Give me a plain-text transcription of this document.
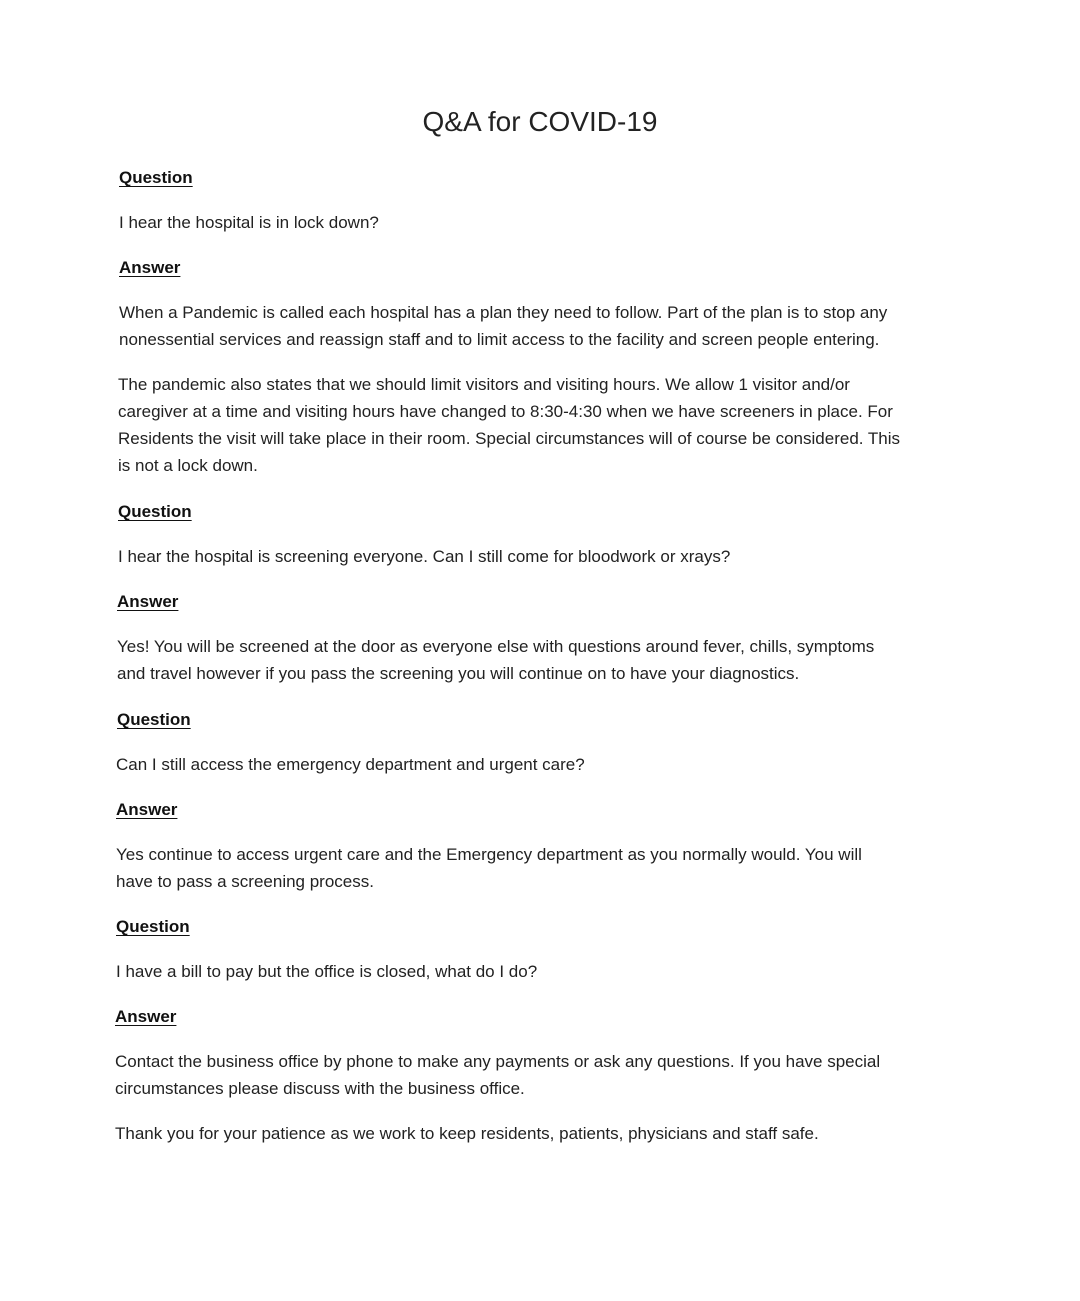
Q&A for COVID-19
Question
I hear the hospital is in lock down?
Answer
When a Pandemic is called each hospital has a plan they need to follow. Part of the plan is to stop any
nonessential services and reassign staff and to limit access to the facility and screen people entering.
The pandemic also states that we should limit visitors and visiting hours. We allow 1 visitor and/or
caregiver at a time and visiting hours have changed to 8:30-4:30 when we have screeners in place. For
Residents the visit will take place in their room. Special circumstances will of course be considered. This
is not a lock down.
Question
I hear the hospital is screening everyone. Can I still come for bloodwork or xrays?
Answer
Yes! You will be screened at the door as everyone else with questions around fever, chills, symptoms
and travel however if you pass the screening you will continue on to have your diagnostics.
Question
Can I still access the emergency department and urgent care?
Answer
Yes continue to access urgent care and the Emergency department as you normally would. You will
have to pass a screening process.
Question
I have a bill to pay but the office is closed, what do I do?
Answer
Contact the business office by phone to make any payments or ask any questions. If you have special
circumstances please discuss with the business office.
Thank you for your patience as we work to keep residents, patients, physicians and staff safe.
